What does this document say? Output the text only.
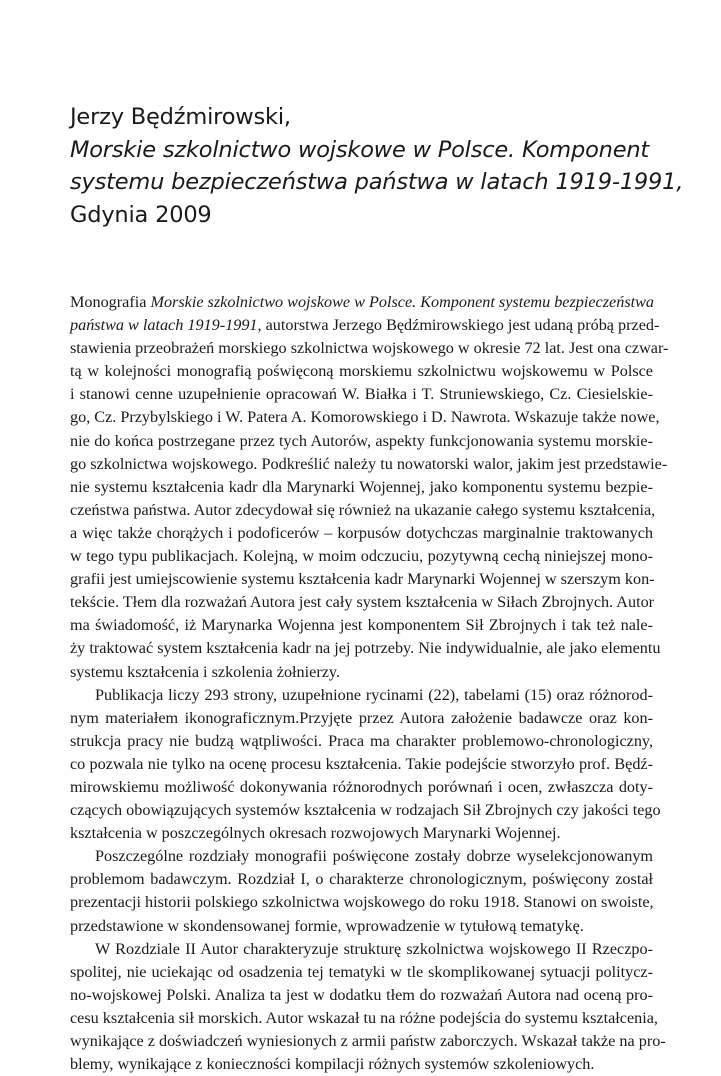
Jerzy Będźmirowski,
Morskie szkolnictwo wojskowe w Polsce. Komponent
systemu bezpieczeństwa państwa w latach 1919-1991,
Gdynia 2009
Monografia Morskie szkolnictwo wojskowe w Polsce. Komponent systemu bezpieczeństwa
państwa w latach 1919-1991, autorstwa Jerzego Będźmirowskiego jest udaną próbą przed-
stawienia przeobrażeń morskiego szkolnictwa wojskowego w okresie 72 lat. Jest ona czwar-
tą w kolejności monografią poświęconą morskiemu szkolnictwu wojskowemu w Polsce
i stanowi cenne uzupełnienie opracowań W. Białka i T. Struniewskiego, Cz. Ciesielskie-
go, Cz. Przybylskiego i W. Patera A. Komorowskiego i D. Nawrota. Wskazuje także nowe,
nie do końca postrzegane przez tych Autorów, aspekty funkcjonowania systemu morskie-
go szkolnictwa wojskowego. Podkreślić należy tu nowatorski walor, jakim jest przedstawie-
nie systemu kształcenia kadr dla Marynarki Wojennej, jako komponentu systemu bezpie-
czeństwa państwa. Autor zdecydował się również na ukazanie całego systemu kształcenia,
a więc także chorążych i podoficerów – korpusów dotychczas marginalnie traktowanych
w tego typu publikacjach. Kolejną, w moim odczuciu, pozytywną cechą niniejszej mono-
grafii jest umiejscowienie systemu kształcenia kadr Marynarki Wojennej w szerszym kon-
tekście. Tłem dla rozważań Autora jest cały system kształcenia w Siłach Zbrojnych. Autor
ma świadomość, iż Marynarka Wojenna jest komponentem Sił Zbrojnych i tak też nale-
ży traktować system kształcenia kadr na jej potrzeby. Nie indywidualnie, ale jako elementu
systemu kształcenia i szkolenia żołnierzy.
Publikacja liczy 293 strony, uzupełnione rycinami (22), tabelami (15) oraz różnorod-
nym materiałem ikonograficznym.Przyjęte przez Autora założenie badawcze oraz kon-
strukcja pracy nie budzą wątpliwości. Praca ma charakter problemowo-chronologiczny,
co pozwala nie tylko na ocenę procesu kształcenia. Takie podejście stworzyło prof. Będź-
mirowskiemu możliwość dokonywania różnorodnych porównań i ocen, zwłaszcza doty-
czących obowiązujących systemów kształcenia w rodzajach Sił Zbrojnych czy jakości tego
kształcenia w poszczególnych okresach rozwojowych Marynarki Wojennej.
Poszczególne rozdziały monografii poświęcone zostały dobrze wyselekcjonowanym
problemom badawczym. Rozdział I, o charakterze chronologicznym, poświęcony został
prezentacji historii polskiego szkolnictwa wojskowego do roku 1918. Stanowi on swoiste,
przedstawione w skondensowanej formie, wprowadzenie w tytułową tematykę.
W Rozdziale II Autor charakteryzuje strukturę szkolnictwa wojskowego II Rzeczpo-
spolitej, nie uciekając od osadzenia tej tematyki w tle skomplikowanej sytuacji politycz-
no-wojskowej Polski. Analiza ta jest w dodatku tłem do rozważań Autora nad oceną pro-
cesu kształcenia sił morskich. Autor wskazał tu na różne podejścia do systemu kształcenia,
wynikające z doświadczeń wyniesionych z armii państw zaborczych. Wskazał także na pro-
blemy, wynikające z konieczności kompilacji różnych systemów szkoleniowych.
